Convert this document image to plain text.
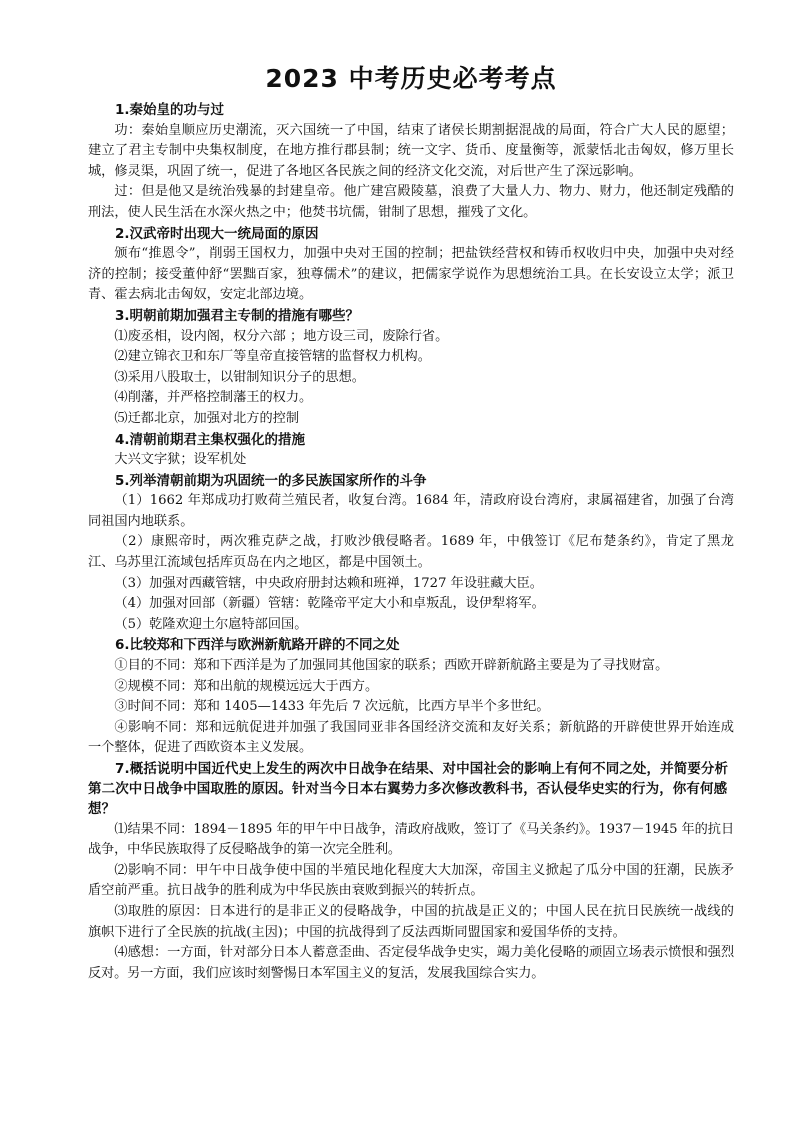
2023 中考历史必考考点

1.秦始皇的功与过

功：秦始皇顺应历史潮流，灭六国统一了中国，结束了诸侯长期割据混战的局面，符合广大人民的愿望；建立了君主专制中央集权制度，在地方推行郡县制；统一文字、货币、度量衡等，派蒙恬北击匈奴，修万里长城，修灵渠，巩固了统一，促进了各地区各民族之间的经济文化交流，对后世产生了深远影响。

过：但是他又是统治残暴的封建皇帝。他广建宫殿陵墓，浪费了大量人力、物力、财力，他还制定残酷的刑法，使人民生活在水深火热之中；他焚书坑儒，钳制了思想，摧残了文化。

2.汉武帝时出现大一统局面的原因

颁布“推恩令”，削弱王国权力，加强中央对王国的控制；把盐铁经营权和铸币权收归中央，加强中央对经济的控制；接受董仲舒“罢黜百家，独尊儒术”的建议，把儒家学说作为思想统治工具。在长安设立太学；派卫青、霍去病北击匈奴，安定北部边境。

3.明朝前期加强君主专制的措施有哪些？

⑴废丞相，设内阁，权分六部 ；地方设三司，废除行省。

⑵建立锦衣卫和东厂等皇帝直接管辖的监督权力机构。

⑶采用八股取士，以钳制知识分子的思想。

⑷削藩，并严格控制藩王的权力。

⑸迁都北京，加强对北方的控制

4.清朝前期君主集权强化的措施

大兴文字狱；设军机处

5.列举清朝前期为巩固统一的多民族国家所作的斗争

（1）1662 年郑成功打败荷兰殖民者，收复台湾。1684 年，清政府设台湾府，隶属福建省，加强了台湾同祖国内地联系。

（2）康熙帝时，两次雅克萨之战，打败沙俄侵略者。1689 年，中俄签订《尼布楚条约》，肯定了黑龙江、乌苏里江流域包括库页岛在内之地区，都是中国领土。

（3）加强对西藏管辖，中央政府册封达赖和班禅，1727 年设驻藏大臣。

（4）加强对回部（新疆）管辖：乾隆帝平定大小和卓叛乱，设伊犁将军。

（5）乾隆欢迎土尔扈特部回国。

6.比较郑和下西洋与欧洲新航路开辟的不同之处

①目的不同：郑和下西洋是为了加强同其他国家的联系；西欧开辟新航路主要是为了寻找财富。

②规模不同：郑和出航的规模远远大于西方。

③时间不同：郑和 1405—1433 年先后 7 次远航，比西方早半个多世纪。

④影响不同：郑和远航促进并加强了我国同亚非各国经济交流和友好关系；新航路的开辟使世界开始连成一个整体，促进了西欧资本主义发展。

7.概括说明中国近代史上发生的两次中日战争在结果、对中国社会的影响上有何不同之处，并简要分析第二次中日战争中国取胜的原因。针对当今日本右翼势力多次修改教科书，否认侵华史实的行为，你有何感想？

⑴结果不同：1894－1895 年的甲午中日战争，清政府战败，签订了《马关条约》。1937－1945 年的抗日战争，中华民族取得了反侵略战争的第一次完全胜利。

⑵影响不同：甲午中日战争使中国的半殖民地化程度大大加深，帝国主义掀起了瓜分中国的狂潮，民族矛盾空前严重。抗日战争的胜利成为中华民族由衰败到振兴的转折点。

⑶取胜的原因：日本进行的是非正义的侵略战争，中国的抗战是正义的；中国人民在抗日民族统一战线的旗帜下进行了全民族的抗战(主因)；中国的抗战得到了反法西斯同盟国家和爱国华侨的支持。

⑷感想：一方面，针对部分日本人蓄意歪曲、否定侵华战争史实，竭力美化侵略的顽固立场表示愤恨和强烈反对。另一方面，我们应该时刻警惕日本军国主义的复活，发展我国综合实力。
